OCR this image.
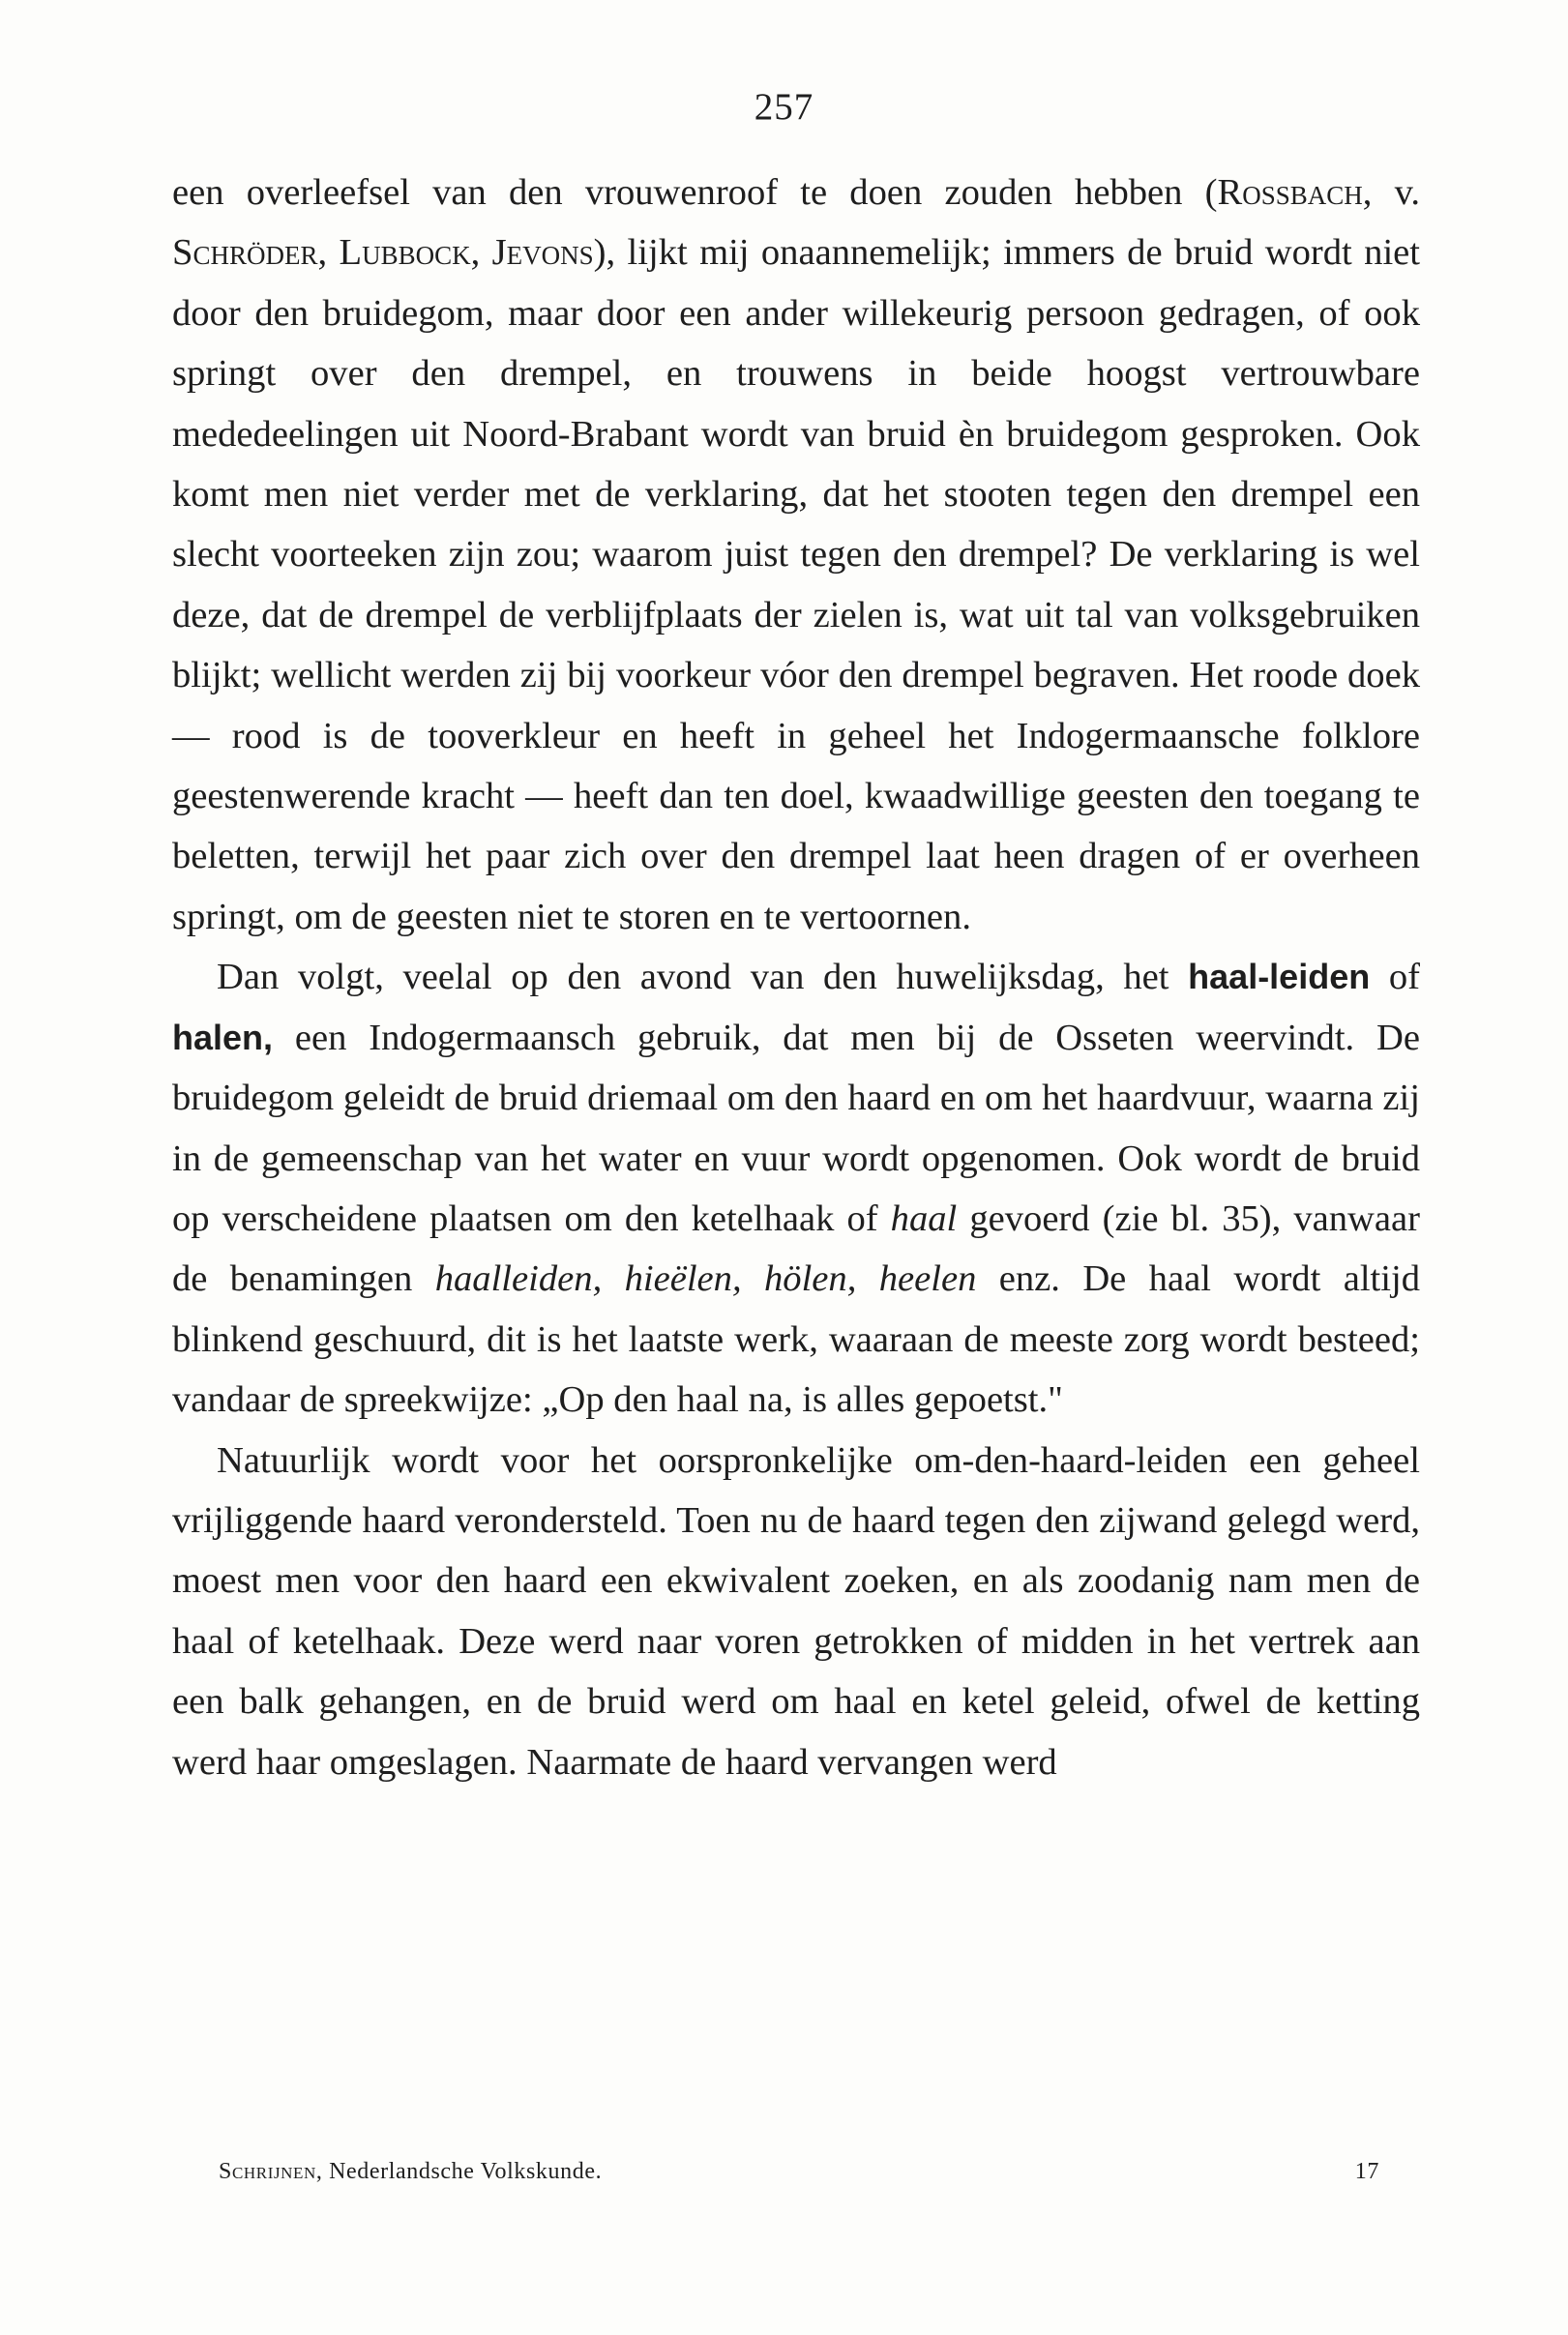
257

een overleefsel van den vrouwenroof te doen zouden hebben (Rossbach, v. Schröder, Lubbock, Jevons), lijkt mij onaannemelijk; immers de bruid wordt niet door den bruidegom, maar door een ander willekeurig persoon gedragen, of ook springt over den drempel, en trouwens in beide hoogst vertrouwbare mededeelingen uit Noord-Brabant wordt van bruid èn bruidegom gesproken. Ook komt men niet verder met de verklaring, dat het stooten tegen den drempel een slecht voorteeken zijn zou; waarom juist tegen den drempel? De verklaring is wel deze, dat de drempel de verblijfplaats der zielen is, wat uit tal van volksgebruiken blijkt; wellicht werden zij bij voorkeur vóor den drempel begraven. Het roode doek — rood is de tooverkleur en heeft in geheel het Indogermaansche folklore geestenwerende kracht — heeft dan ten doel, kwaadwillige geesten den toegang te beletten, terwijl het paar zich over den drempel laat heen dragen of er overheen springt, om de geesten niet te storen en te vertoornen.

Dan volgt, veelal op den avond van den huwelijksdag, het haal-leiden of halen, een Indogermaansch gebruik, dat men bij de Osseten weervindt. De bruidegom geleidt de bruid driemaal om den haard en om het haardvuur, waarna zij in de gemeenschap van het water en vuur wordt opgenomen. Ook wordt de bruid op verscheidene plaatsen om den ketelhaak of haal gevoerd (zie bl. 35), vanwaar de benamingen haalleiden, hieëlen, hölen, heelen enz. De haal wordt altijd blinkend geschuurd, dit is het laatste werk, waaraan de meeste zorg wordt besteed; vandaar de spreekwijze: „Op den haal na, is alles gepoetst."

Natuurlijk wordt voor het oorspronkelijke om-den-haard-leiden een geheel vrijliggende haard verondersteld. Toen nu de haard tegen den zijwand gelegd werd, moest men voor den haard een ekwivalent zoeken, en als zoodanig nam men de haal of ketelhaak. Deze werd naar voren getrokken of midden in het vertrek aan een balk gehangen, en de bruid werd om haal en ketel geleid, ofwel de ketting werd haar omgeslagen. Naarmate de haard vervangen werd

Schrijnen, Nederlandsche Volkskunde.	17
